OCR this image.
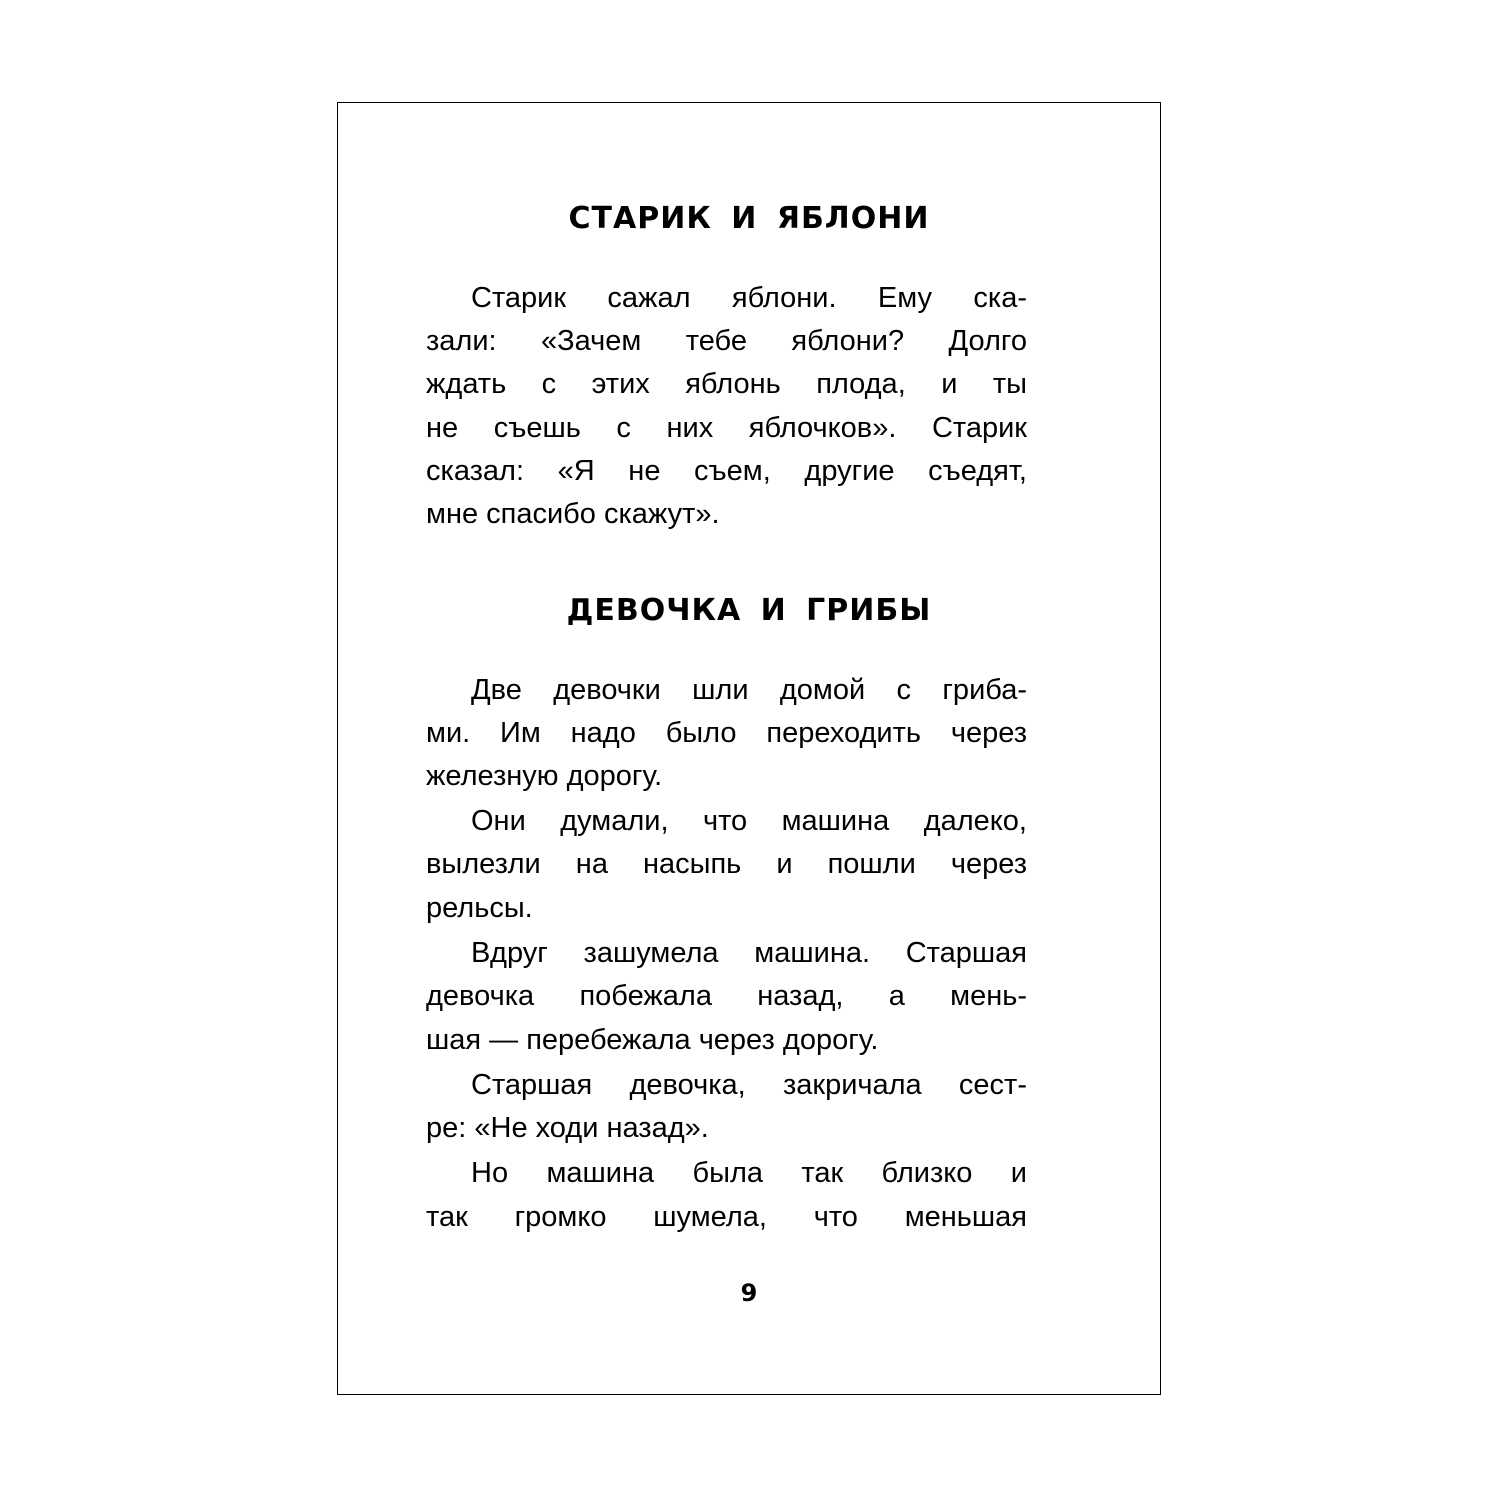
СТАРИК И ЯБЛОНИ
Старик сажал яблони. Ему ска-
зали: «Зачем тебе яблони? Долго
ждать с этих яблонь плода, и ты
не съешь с них яблочков». Старик
сказал: «Я не съем, другие съедят,
мне спасибо скажут».
ДЕВОЧКА И ГРИБЫ
Две девочки шли домой с гриба-
ми. Им надо было переходить через
железную дорогу.
Они думали, что машина далеко,
вылезли на насыпь и пошли через
рельсы.
Вдруг зашумела машина. Старшая
девочка побежала назад, а мень-
шая — перебежала через дорогу.
Старшая девочка, закричала сест-
ре: «Не ходи назад».
Но машина была так близко и
так громко шумела, что меньшая
9
